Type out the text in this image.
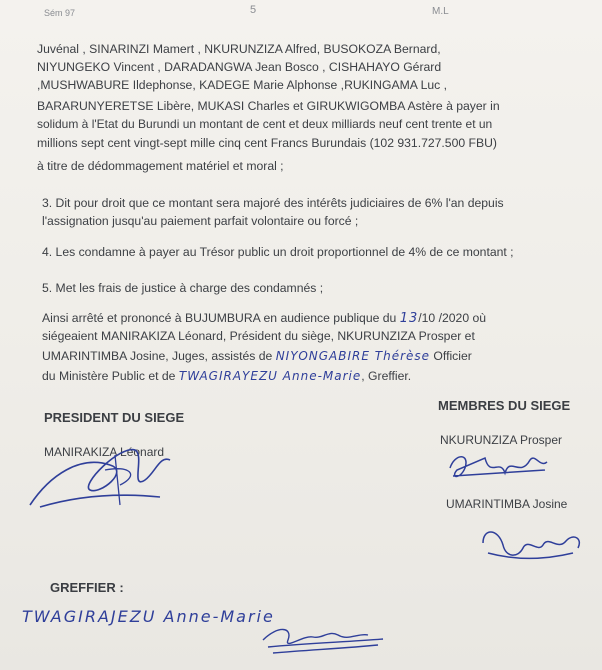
Sém 97	5	M.L
Juvénal , SINARINZI Mamert , NKURUNZIZA Alfred, BUSOKOZA Bernard,
NIYUNGEKO Vincent , DARADANGWA Jean Bosco , CISHAHAYO Gérard
,MUSHWABURE Ildephonse, KADEGE Marie Alphonse ,RUKINGAMA Luc ,
BARARUNYERETSE Libère, MUKASI Charles et GIRUKWIGOMBA Astère à payer in
solidum à l'Etat du Burundi un montant de cent et deux milliards neuf cent trente et un
millions sept cent vingt-sept mille cinq cent Francs Burundais (102 931.727.500 FBU)
à titre de dédommagement matériel et moral ;
3. Dit pour droit que ce montant sera majoré des intérêts judiciaires de 6% l'an depuis
l'assignation jusqu'au paiement parfait volontaire ou forcé ;
4. Les condamne à payer au Trésor public un droit proportionnel de 4% de ce montant ;
5. Met les frais de justice à charge des condamnés ;
Ainsi arrêté et prononcé à BUJUMBURA en audience publique du 13/10 /2020 où
siégeaient MANIRAKIZA Léonard, Président du siège, NKURUNZIZA Prosper et
UMARINTIMBA Josine, Juges, assistés de NIYONGABIRE Thérèse Officier
du Ministère Public et de TWAGIRAYEZU Anne-Marie, Greffier.
PRESIDENT DU SIEGE
MANIRAKIZA Léonard
MEMBRES DU SIEGE
NKURUNZIZA Prosper
UMARINTIMBA Josine
GREFFIER :
TWAGIRAJEZU Anne-Marie
